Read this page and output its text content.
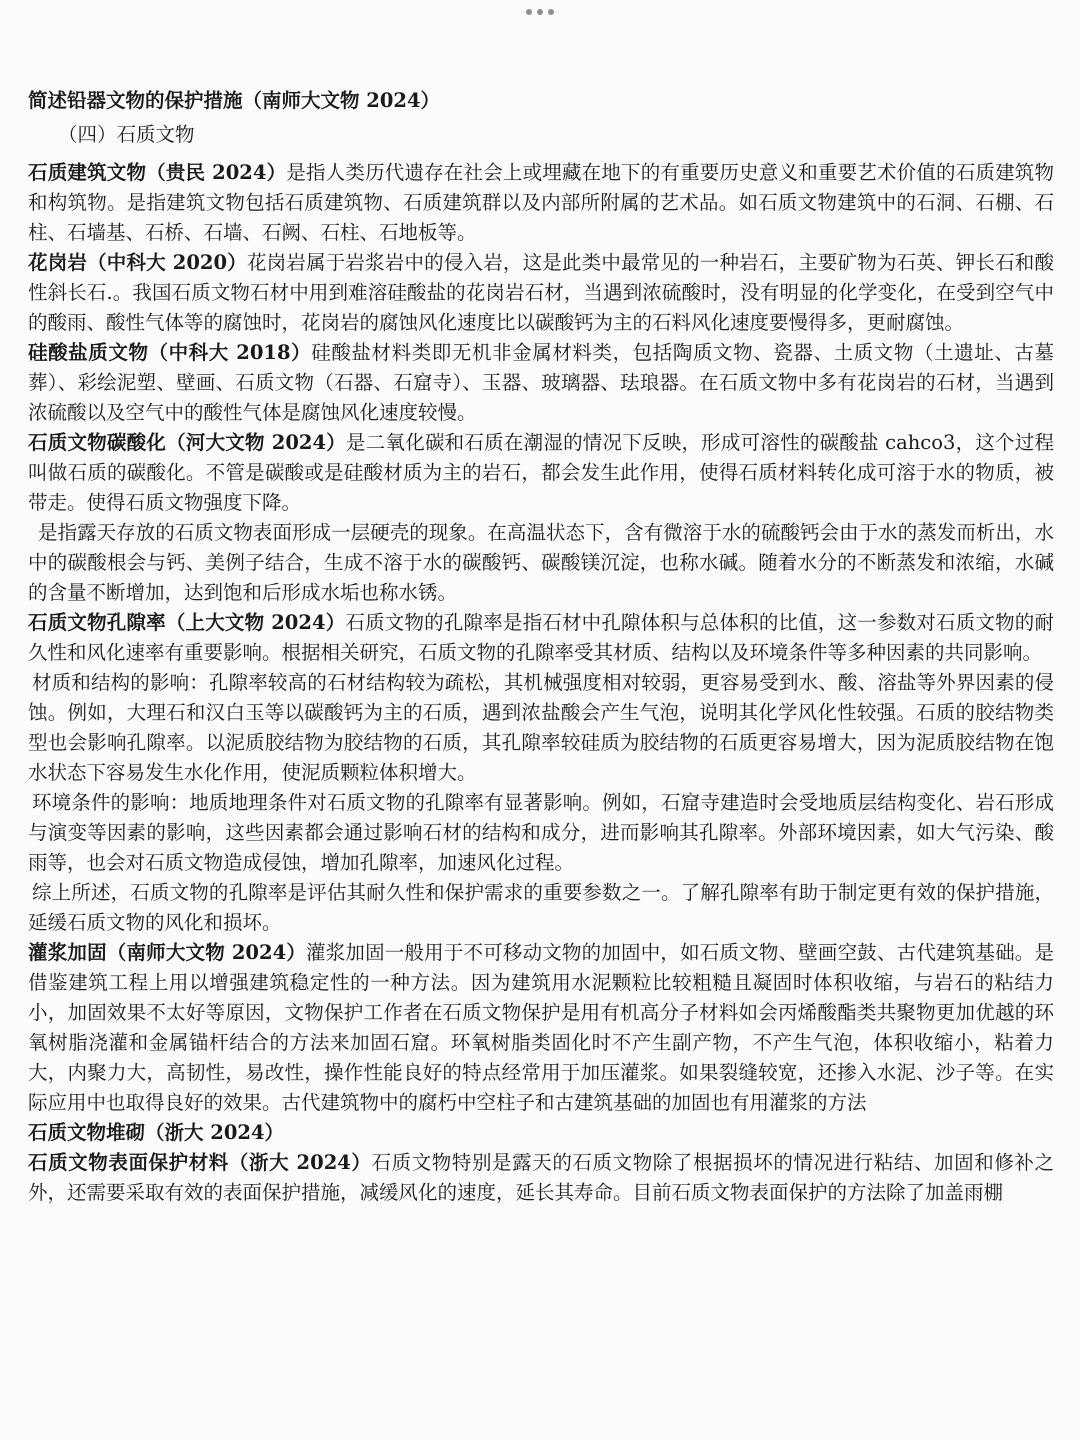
简述铅器文物的保护措施（南师大文物 2024）

（四）石质文物

石质建筑文物（贵民 2024）是指人类历代遗存在社会上或埋藏在地下的有重要历史意义和重要艺术价值的石质建筑物和构筑物。是指建筑文物包括石质建筑物、石质建筑群以及内部所附属的艺术品。如石质文物建筑中的石洞、石棚、石柱、石墙基、石桥、石墙、石阙、石柱、石地板等。

花岗岩（中科大 2020）花岗岩属于岩浆岩中的侵入岩，这是此类中最常见的一种岩石，主要矿物为石英、钾长石和酸性斜长石.。我国石质文物石材中用到难溶硅酸盐的花岗岩石材，当遇到浓硫酸时，没有明显的化学变化，在受到空气中的酸雨、酸性气体等的腐蚀时，花岗岩的腐蚀风化速度比以碳酸钙为主的石料风化速度要慢得多，更耐腐蚀。

硅酸盐质文物（中科大 2018）硅酸盐材料类即无机非金属材料类，包括陶质文物、瓷器、土质文物（土遗址、古墓葬）、彩绘泥塑、壁画、石质文物（石器、石窟寺）、玉器、玻璃器、珐琅器。在石质文物中多有花岗岩的石材，当遇到浓硫酸以及空气中的酸性气体是腐蚀风化速度较慢。

石质文物碳酸化（河大文物 2024）是二氧化碳和石质在潮湿的情况下反映，形成可溶性的碳酸盐 cahco3，这个过程叫做石质的碳酸化。不管是碳酸或是硅酸材质为主的岩石，都会发生此作用，使得石质材料转化成可溶于水的物质，被带走。使得石质文物强度下降。

是指露天存放的石质文物表面形成一层硬壳的现象。在高温状态下，含有微溶于水的硫酸钙会由于水的蒸发而析出，水中的碳酸根会与钙、美例子结合，生成不溶于水的碳酸钙、碳酸镁沉淀，也称水碱。随着水分的不断蒸发和浓缩，水碱的含量不断增加，达到饱和后形成水垢也称水锈。

石质文物孔隙率（上大文物 2024）石质文物的孔隙率是指石材中孔隙体积与总体积的比值，这一参数对石质文物的耐久性和风化速率有重要影响。根据相关研究，石质文物的孔隙率受其材质、结构以及环境条件等多种因素的共同影响。

材质和结构的影响：孔隙率较高的石材结构较为疏松，其机械强度相对较弱，更容易受到水、酸、溶盐等外界因素的侵蚀。例如，大理石和汉白玉等以碳酸钙为主的石质，遇到浓盐酸会产生气泡，说明其化学风化性较强。石质的胶结物类型也会影响孔隙率。以泥质胶结物为胶结物的石质，其孔隙率较硅质为胶结物的石质更容易增大，因为泥质胶结物在饱水状态下容易发生水化作用，使泥质颗粒体积增大。

环境条件的影响：地质地理条件对石质文物的孔隙率有显著影响。例如，石窟寺建造时会受地质层结构变化、岩石形成与演变等因素的影响，这些因素都会通过影响石材的结构和成分，进而影响其孔隙率。外部环境因素，如大气污染、酸雨等，也会对石质文物造成侵蚀，增加孔隙率，加速风化过程。

综上所述，石质文物的孔隙率是评估其耐久性和保护需求的重要参数之一。了解孔隙率有助于制定更有效的保护措施，延缓石质文物的风化和损坏。

灌浆加固（南师大文物 2024）灌浆加固一般用于不可移动文物的加固中，如石质文物、壁画空鼓、古代建筑基础。是借鉴建筑工程上用以增强建筑稳定性的一种方法。因为建筑用水泥颗粒比较粗糙且凝固时体积收缩，与岩石的粘结力小，加固效果不太好等原因，文物保护工作者在石质文物保护是用有机高分子材料如会丙烯酸酯类共聚物更加优越的环氧树脂浇灌和金属锚杆结合的方法来加固石窟。环氧树脂类固化时不产生副产物，不产生气泡，体积收缩小，粘着力大，内聚力大，高韧性，易改性，操作性能良好的特点经常用于加压灌浆。如果裂缝较宽，还掺入水泥、沙子等。在实际应用中也取得良好的效果。古代建筑物中的腐朽中空柱子和古建筑基础的加固也有用灌浆的方法

石质文物堆砌（浙大 2024）

石质文物表面保护材料（浙大 2024）石质文物特别是露天的石质文物除了根据损坏的情况进行粘结、加固和修补之外，还需要采取有效的表面保护措施，减缓风化的速度，延长其寿命。目前石质文物表面保护的方法除了加盖雨棚
